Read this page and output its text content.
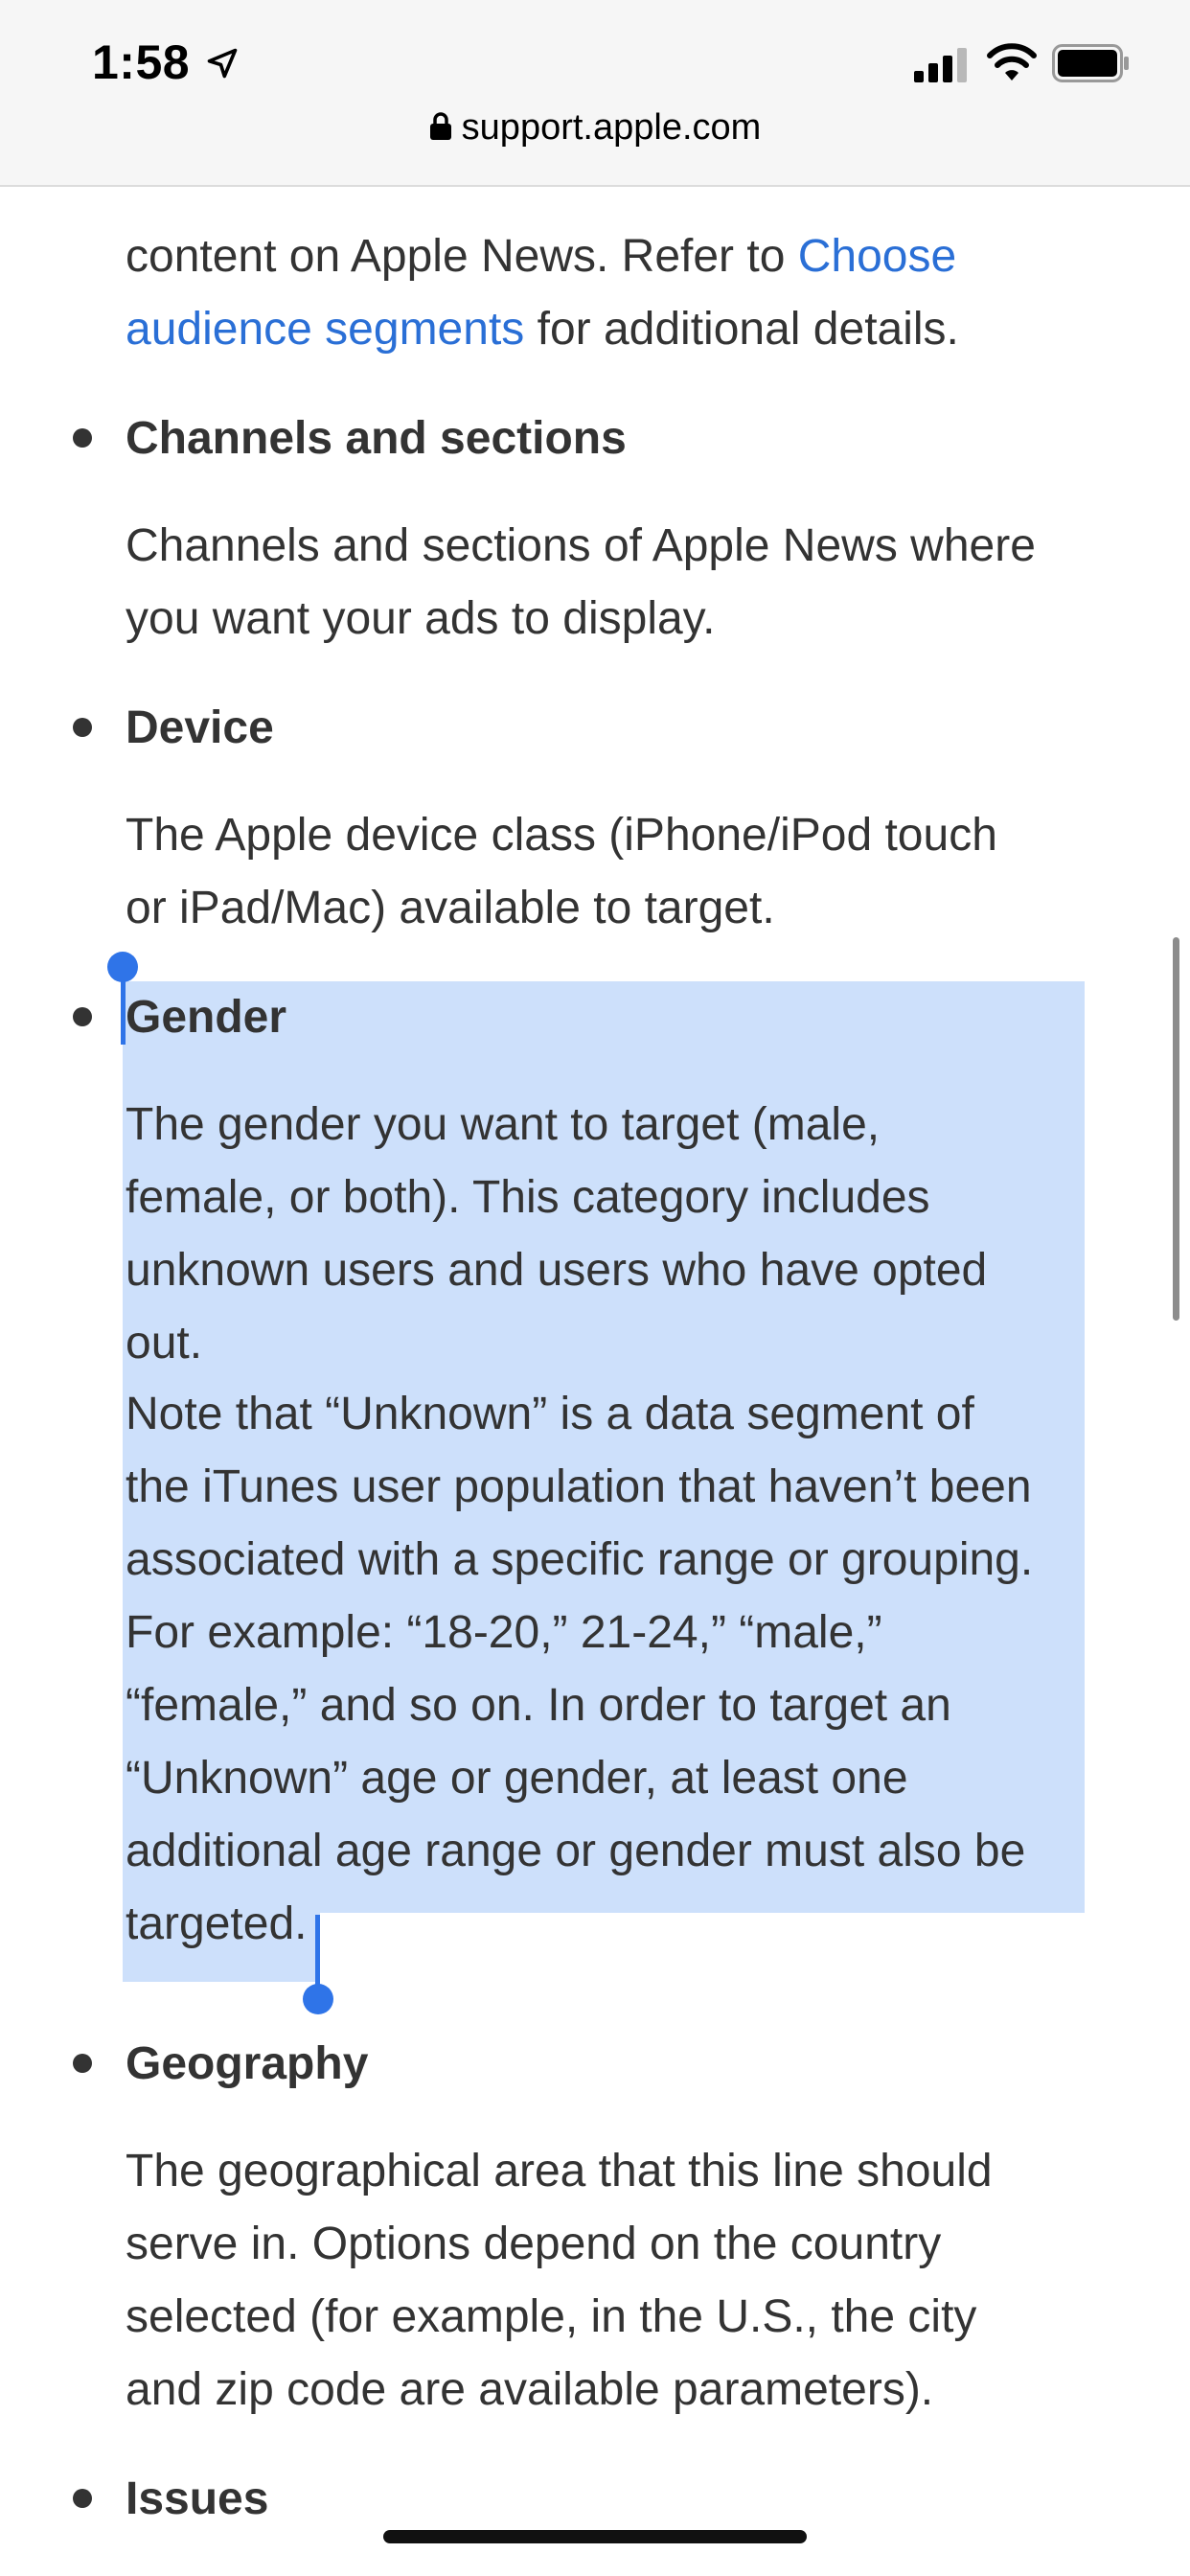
content on Apple News. Refer to Choose
audience segments for additional details.

Channels and sections

Channels and sections of Apple News where
you want your ads to display.

Device

The Apple device class (iPhone/iPod touch
or iPad/Mac) available to target.

Gender

The gender you want to target (male,
female, or both). This category includes
unknown users and users who have opted
out.

Note that “Unknown” is a data segment of
the iTunes user population that haven’t been
associated with a specific range or grouping.
For example: “18-20,” 21-24,” “male,”
“female,” and so on. In order to target an
“Unknown” age or gender, at least one
additional age range or gender must also be
targeted.

Geography

The geographical area that this line should
serve in. Options depend on the country
selected (for example, in the U.S., the city
and zip code are available parameters).

Issues

1:58
support.apple.com
